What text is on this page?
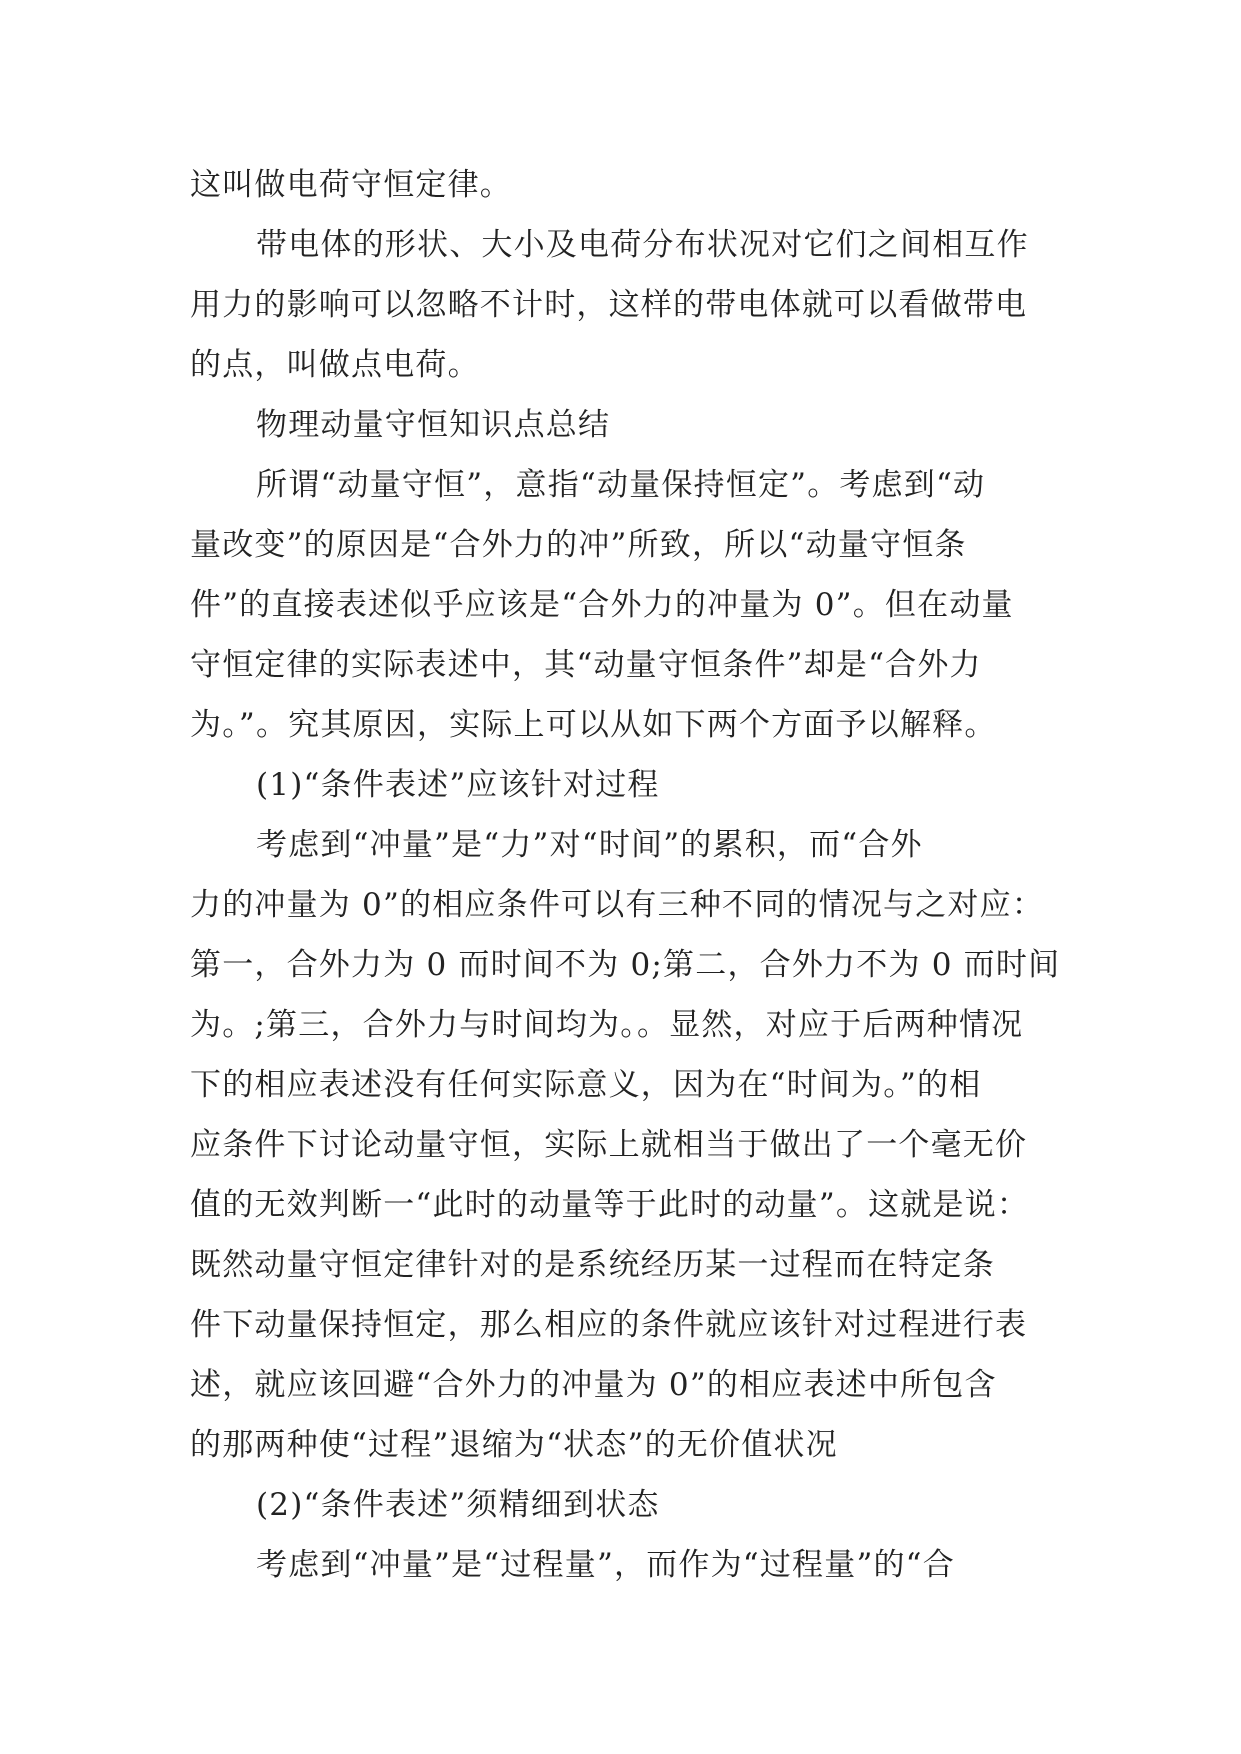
这叫做电荷守恒定律。
带电体的形状、大小及电荷分布状况对它们之间相互作
用力的影响可以忽略不计时，这样的带电体就可以看做带电
的点，叫做点电荷。
物理动量守恒知识点总结
所谓“动量守恒”，意指“动量保持恒定”。考虑到“动
量改变”的原因是“合外力的冲”所致，所以“动量守恒条
件”的直接表述似乎应该是“合外力的冲量为 0”。但在动量
守恒定律的实际表述中，其“动量守恒条件”却是“合外力
为。”。究其原因，实际上可以从如下两个方面予以解释。
(1)“条件表述”应该针对过程
考虑到“冲量”是“力”对“时间”的累积，而“合外
力的冲量为 0”的相应条件可以有三种不同的情况与之对应：
第一，合外力为 0 而时间不为 0;第二，合外力不为 0 而时间
为。;第三，合外力与时间均为。。显然，对应于后两种情况
下的相应表述没有任何实际意义，因为在“时间为。”的相
应条件下讨论动量守恒，实际上就相当于做出了一个毫无价
值的无效判断一“此时的动量等于此时的动量”。这就是说：
既然动量守恒定律针对的是系统经历某一过程而在特定条
件下动量保持恒定，那么相应的条件就应该针对过程进行表
述，就应该回避“合外力的冲量为 0”的相应表述中所包含
的那两种使“过程”退缩为“状态”的无价值状况
(2)“条件表述”须精细到状态
考虑到“冲量”是“过程量”，而作为“过程量”的“合
